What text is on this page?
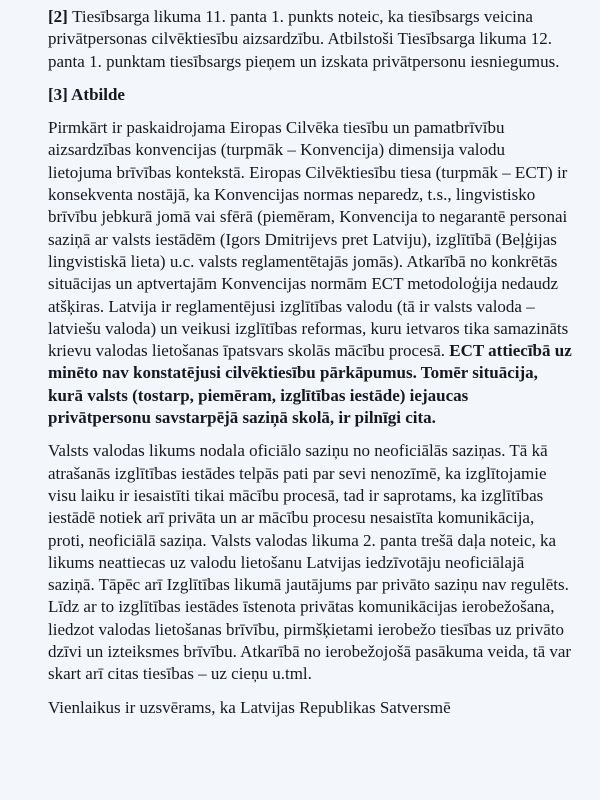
[2] Tiesībsarga likuma 11. panta 1. punkts noteic, ka tiesībsargs veicina privātpersonas cilvēktiesību aizsardzību. Atbilstoši Tiesībsarga likuma 12. panta 1. punktam tiesībsargs pieņem un izskata privātpersonu iesniegumus.

[3] Atbilde

Pirmkārt ir paskaidrojama Eiropas Cilvēka tiesību un pamatbrīvību aizsardzības konvencijas (turpmāk – Konvencija) dimensija valodu lietojuma brīvības kontekstā. Eiropas Cilvēktiesību tiesa (turpmāk – ECT) ir konsekventa nostājā, ka Konvencijas normas neparedz, t.s., lingvistisko brīvību jebkurā jomā vai sfērā (piemēram, Konvencija to negarantē personai saziņā ar valsts iestādēm (Igors Dmitrijevs pret Latviju), izglītībā (Beļģijas lingvistiskā lieta) u.c. valsts reglamentētajās jomās). Atkarībā no konkrētās situācijas un aptvertajām Konvencijas normām ECT metodoloģija nedaudz atšķiras. Latvija ir reglamentējusi izglītības valodu (tā ir valsts valoda – latviešu valoda) un veikusi izglītības reformas, kuru ietvaros tika samazināts krievu valodas lietošanas īpatsvars skolās mācību procesā. ECT attiecībā uz minēto nav konstatējusi cilvēktiesību pārkāpumus. Tomēr situācija, kurā valsts (tostarp, piemēram, izglītības iestāde) iejaucas privātpersonu savstarpējā saziņā skolā, ir pilnīgi cita.

Valsts valodas likums nodala oficiālo saziņu no neoficiālās saziņas. Tā kā atrašanās izglītības iestādes telpās pati par sevi nenozīmē, ka izglītojamie visu laiku ir iesaistīti tikai mācību procesā, tad ir saprotams, ka izglītības iestādē notiek arī privāta un ar mācību procesu nesaistīta komunikācija, proti, neoficiālā saziņa. Valsts valodas likuma 2. panta trešā daļa noteic, ka likums neattiecas uz valodu lietošanu Latvijas iedzīvotāju neoficiālajā saziņā. Tāpēc arī Izglītības likumā jautājums par privāto saziņu nav regulēts. Līdz ar to izglītības iestādes īstenota privātas komunikācijas ierobežošana, liedzot valodas lietošanas brīvību, pirmšķietami ierobežo tiesības uz privāto dzīvi un izteiksmes brīvību. Atkarībā no ierobežojošā pasākuma veida, tā var skart arī citas tiesības – uz cieņu u.tml.

Vienlaikus ir uzsvērams, ka Latvijas Republikas Satversmē
